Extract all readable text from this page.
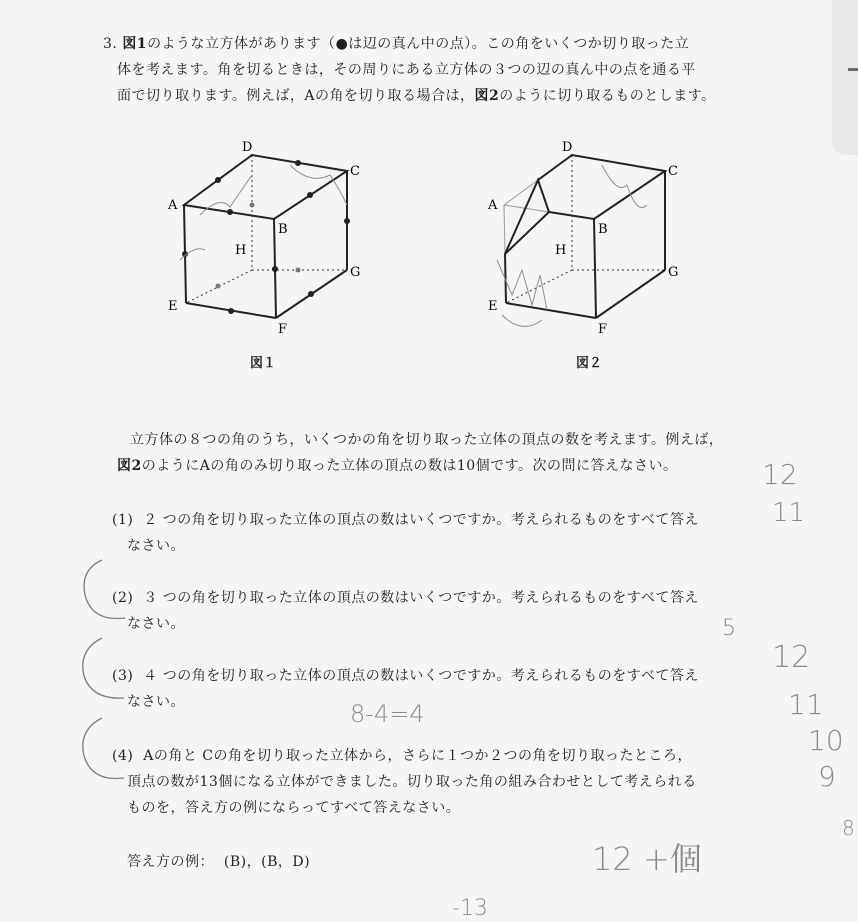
3. 図1のような立方体があります（●は辺の真ん中の点）。この角をいくつか切り取った立
体を考えます。角を切るときは，その周りにある立方体の３つの辺の真ん中の点を通る平
面で切り取ります。例えば，Aの角を切り取る場合は，図2のように切り取るものとします。
D
C
A
B
H
G
E
F
図１
D
C
A
B
H
G
E
F
図２
立方体の８つの角のうち，いくつかの角を切り取った立体の頂点の数を考えます。例えば，
図2のようにAの角のみ切り取った立体の頂点の数は10個です。次の問に答えなさい。
(1) ２ つの角を切り取った立体の頂点の数はいくつですか。考えられるものをすべて答え
なさい。
(2) ３ つの角を切り取った立体の頂点の数はいくつですか。考えられるものをすべて答え
なさい。
(3) ４ つの角を切り取った立体の頂点の数はいくつですか。考えられるものをすべて答え
なさい。
(4) Aの角と Cの角を切り取った立体から，さらに１つか２つの角を切り取ったところ，
頂点の数が13個になる立体ができました。切り取った角の組み合わせとして考えられる
ものを，答え方の例にならってすべて答えなさい。
答え方の例： (B)，(B，D)
12
11
5
12
11
10
9
8-4=4
12 +個
8
-13
